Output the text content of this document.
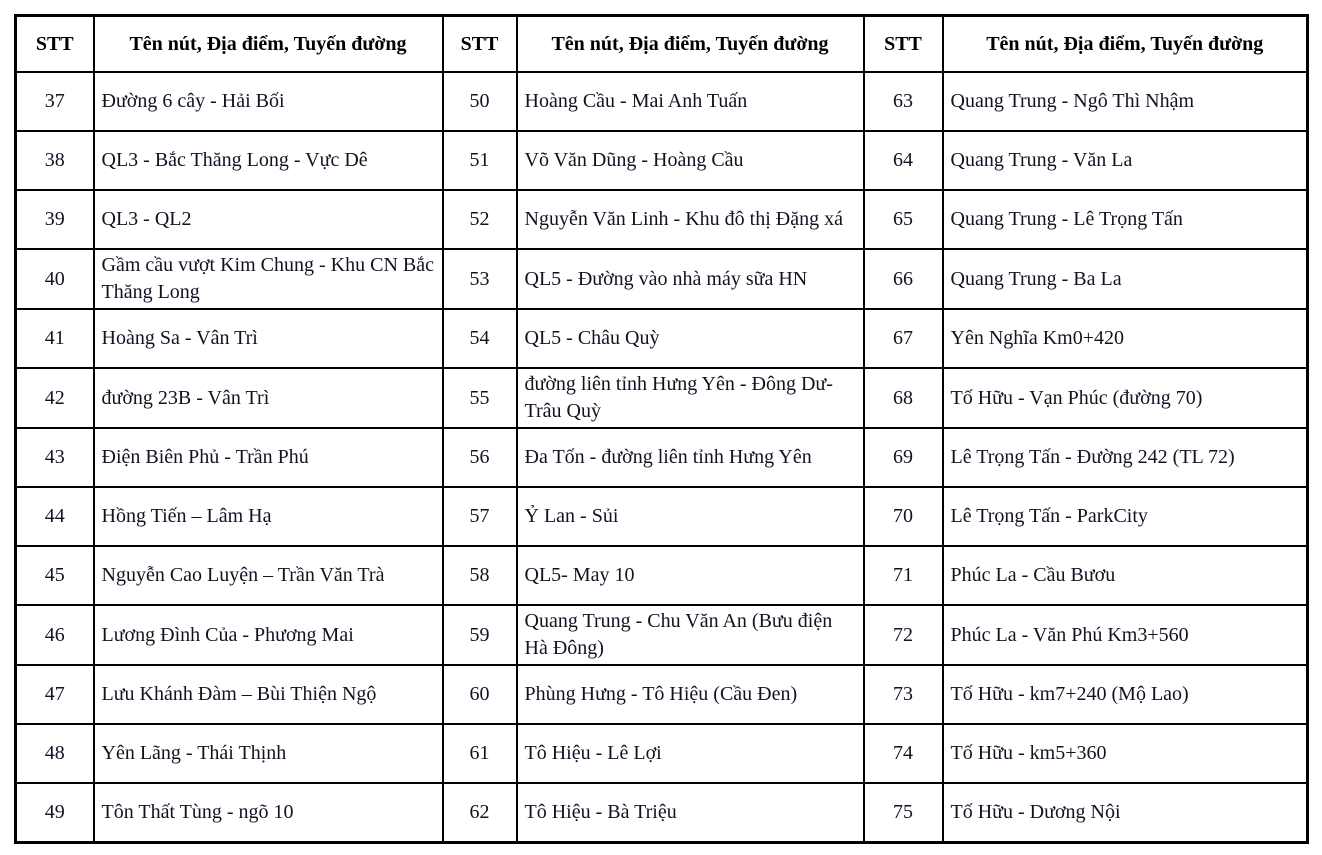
STT	Tên nút, Địa điểm, Tuyến đường	STT	Tên nút, Địa điểm, Tuyến đường	STT	Tên nút, Địa điểm, Tuyến đường
37	Đường 6 cây - Hải Bối	50	Hoàng Cầu - Mai Anh Tuấn	63	Quang Trung - Ngô Thì Nhậm
38	QL3 - Bắc Thăng Long - Vực Dê	51	Võ Văn Dũng - Hoàng Cầu	64	Quang Trung - Văn La
39	QL3 - QL2	52	Nguyễn Văn Linh - Khu đô thị Đặng xá	65	Quang Trung - Lê Trọng Tấn
40	Gầm cầu vượt Kim Chung - Khu CN Bắc Thăng Long	53	QL5 - Đường vào nhà máy sữa HN	66	Quang Trung - Ba La
41	Hoàng Sa - Vân Trì	54	QL5 - Châu Quỳ	67	Yên Nghĩa Km0+420
42	đường 23B - Vân Trì	55	đường liên tỉnh Hưng Yên - Đông Dư- Trâu Quỳ	68	Tố Hữu - Vạn Phúc (đường 70)
43	Điện Biên Phủ - Trần Phú	56	Đa Tốn - đường liên tỉnh Hưng Yên	69	Lê Trọng Tấn - Đường 242 (TL 72)
44	Hồng Tiến – Lâm Hạ	57	Ỷ Lan - Sủi	70	Lê Trọng Tấn - ParkCity
45	Nguyễn Cao Luyện – Trần Văn Trà	58	QL5- May 10	71	Phúc La - Cầu Bươu
46	Lương Đình Của - Phương Mai	59	Quang Trung - Chu Văn An (Bưu điện Hà Đông)	72	Phúc La - Văn Phú Km3+560
47	Lưu Khánh Đàm – Bùi Thiện Ngộ	60	Phùng Hưng - Tô Hiệu (Cầu Đen)	73	Tố Hữu - km7+240 (Mộ Lao)
48	Yên Lãng - Thái Thịnh	61	Tô Hiệu - Lê Lợi	74	Tố Hữu - km5+360
49	Tôn Thất Tùng - ngõ 10	62	Tô Hiệu - Bà Triệu	75	Tố Hữu - Dương Nội
